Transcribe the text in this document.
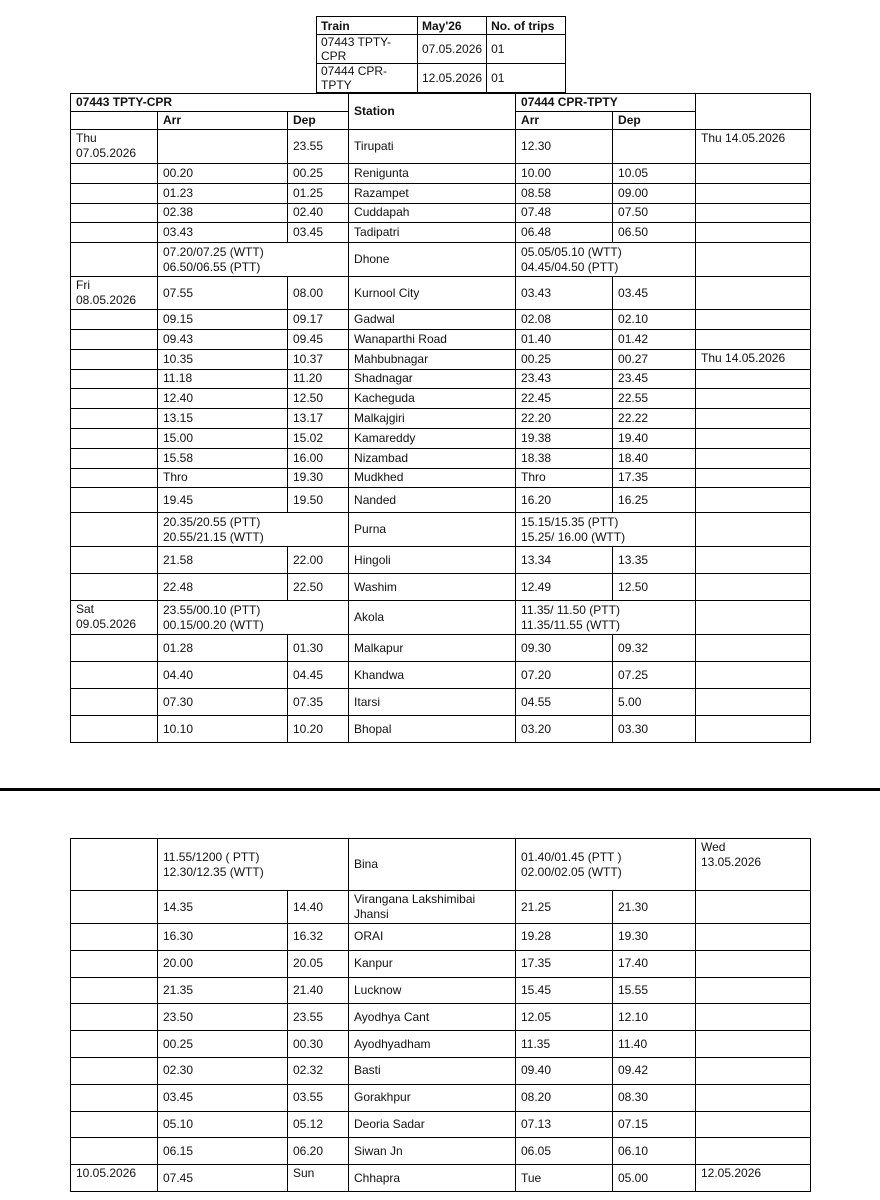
Train	May'26	No. of trips
07443 TPTY-CPR	07.05.2026	01
07444 CPR-TPTY	12.05.2026	01
07443 TPTY-CPR			Station	07444 CPR-TPTY		
	Arr	Dep		Arr	Dep	
Thu
07.05.2026		23.55	Tirupati	12.30		Thu 14.05.2026
	00.20	00.25	Renigunta	10.00	10.05	
	01.23	01.25	Razampet	08.58	09.00	
	02.38	02.40	Cuddapah	07.48	07.50	
	03.43	03.45	Tadipatri	06.48	06.50	
	07.20/07.25 (WTT)
06.50/06.55 (PTT)		Dhone	05.05/05.10 (WTT)
04.45/04.50 (PTT)		
Fri 08.05.2026	07.55	08.00	Kurnool City	03.43	03.45	
	09.15	09.17	Gadwal	02.08	02.10	
	09.43	09.45	Wanaparthi Road	01.40	01.42	
	10.35	10.37	Mahbubnagar	00.25	00.27	Thu 14.05.2026
	11.18	11.20	Shadnagar	23.43	23.45	
	12.40	12.50	Kacheguda	22.45	22.55	
	13.15	13.17	Malkajgiri	22.20	22.22	
	15.00	15.02	Kamareddy	19.38	19.40	
	15.58	16.00	Nizambad	18.38	18.40	
	Thro	19.30	Mudkhed	Thro	17.35	
	19.45	19.50	Nanded	16.20	16.25	
	20.35/20.55 (PTT)
20.55/21.15 (WTT)		Purna	15.15/15.35 (PTT)
15.25/ 16.00 (WTT)		
	21.58	22.00	Hingoli	13.34	13.35	
	22.48	22.50	Washim	12.49	12.50	
Sat
09.05.2026	23.55/00.10 (PTT)
00.15/00.20 (WTT)		Akola	11.35/ 11.50 (PTT)
11.35/11.55 (WTT)		
	01.28	01.30	Malkapur	09.30	09.32	
	04.40	04.45	Khandwa	07.20	07.25	
	07.30	07.35	Itarsi	04.55	5.00	
	10.10	10.20	Bhopal	03.20	03.30	
	11.55/1200 ( PTT)
12.30/12.35 (WTT)		Bina	01.40/01.45 (PTT )
02.00/02.05 (WTT)		Wed
13.05.2026
	14.35	14.40	Virangana Lakshimibai
Jhansi	21.25	21.30	
	16.30	16.32	ORAI	19.28	19.30	
	20.00	20.05	Kanpur	17.35	17.40	
	21.35	21.40	Lucknow	15.45	15.55	
	23.50	23.55	Ayodhya Cant	12.05	12.10	
	00.25	00.30	Ayodhyadham	11.35	11.40	
	02.30	02.32	Basti	09.40	09.42	
	03.45	03.55	Gorakhpur	08.20	08.30	
	05.10	05.12	Deoria Sadar	07.13	07.15	
	06.15	06.20	Siwan Jn	06.05	06.10	
10.05.2026	07.45	Sun	Chhapra	Tue	05.00	12.05.2026
